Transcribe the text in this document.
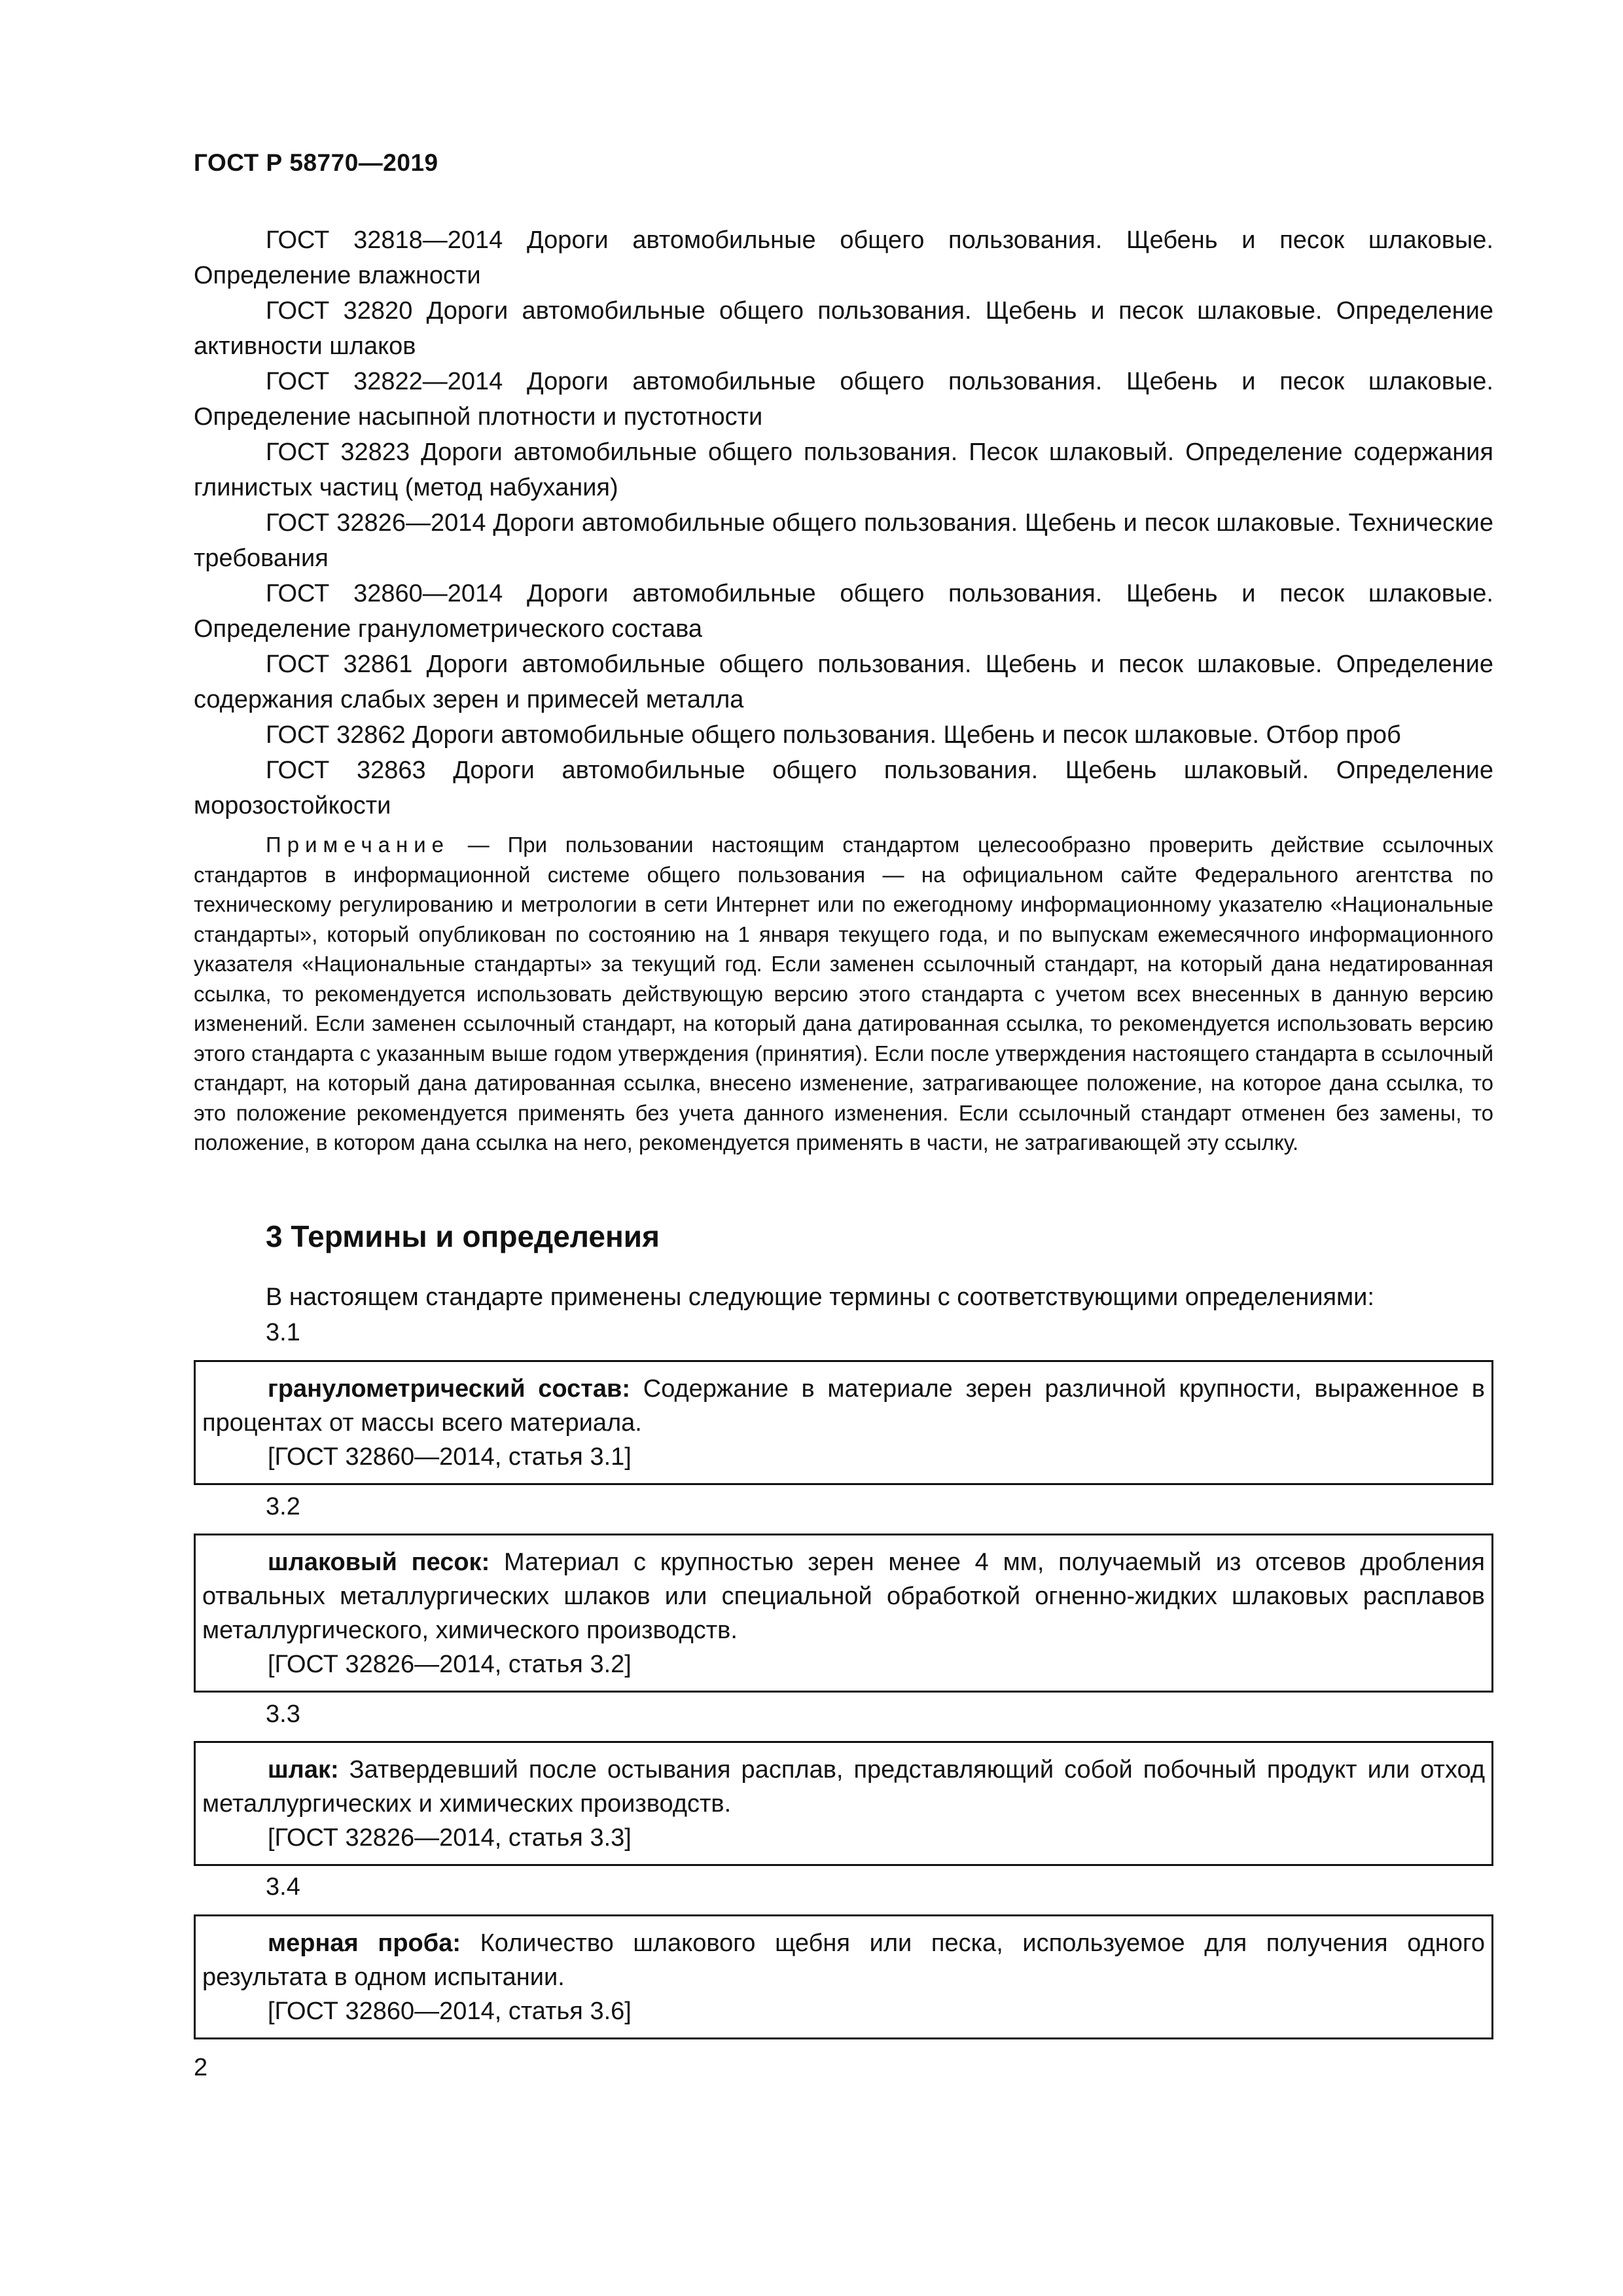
ГОСТ Р 58770—2019

ГОСТ 32818—2014 Дороги автомобильные общего пользования. Щебень и песок шлаковые. Определение влажности

ГОСТ 32820 Дороги автомобильные общего пользования. Щебень и песок шлаковые. Определение активности шлаков

ГОСТ 32822—2014 Дороги автомобильные общего пользования. Щебень и песок шлаковые. Определение насыпной плотности и пустотности

ГОСТ 32823 Дороги автомобильные общего пользования. Песок шлаковый. Определение содержания глинистых частиц (метод набухания)

ГОСТ 32826—2014 Дороги автомобильные общего пользования. Щебень и песок шлаковые. Технические требования

ГОСТ 32860—2014 Дороги автомобильные общего пользования. Щебень и песок шлаковые. Определение гранулометрического состава

ГОСТ 32861 Дороги автомобильные общего пользования. Щебень и песок шлаковые. Определение содержания слабых зерен и примесей металла

ГОСТ 32862 Дороги автомобильные общего пользования. Щебень и песок шлаковые. Отбор проб

ГОСТ 32863 Дороги автомобильные общего пользования. Щебень шлаковый. Определение морозостойкости

Примечание — При пользовании настоящим стандартом целесообразно проверить действие ссылочных стандартов в информационной системе общего пользования — на официальном сайте Федерального агентства по техническому регулированию и метрологии в сети Интернет или по ежегодному информационному указателю «Национальные стандарты», который опубликован по состоянию на 1 января текущего года, и по выпускам ежемесячного информационного указателя «Национальные стандарты» за текущий год. Если заменен ссылочный стандарт, на который дана недатированная ссылка, то рекомендуется использовать действующую версию этого стандарта с учетом всех внесенных в данную версию изменений. Если заменен ссылочный стандарт, на который дана датированная ссылка, то рекомендуется использовать версию этого стандарта с указанным выше годом утверждения (принятия). Если после утверждения настоящего стандарта в ссылочный стандарт, на который дана датированная ссылка, внесено изменение, затрагивающее положение, на которое дана ссылка, то это положение рекомендуется применять без учета данного изменения. Если ссылочный стандарт отменен без замены, то положение, в котором дана ссылка на него, рекомендуется применять в части, не затрагивающей эту ссылку.
3 Термины и определения
В настоящем стандарте применены следующие термины с соответствующими определениями:
3.1

гранулометрический состав: Содержание в материале зерен различной крупности, выраженное в процентах от массы всего материала.

[ГОСТ 32860—2014, статья 3.1]

3.2

шлаковый песок: Материал с крупностью зерен менее 4 мм, получаемый из отсевов дробления отвальных металлургических шлаков или специальной обработкой огненно-жидких шлаковых расплавов металлургического, химического производств.

[ГОСТ 32826—2014, статья 3.2]

3.3

шлак: Затвердевший после остывания расплав, представляющий собой побочный продукт или отход металлургических и химических производств.

[ГОСТ 32826—2014, статья 3.3]

3.4

мерная проба: Количество шлакового щебня или песка, используемое для получения одного результата в одном испытании.

[ГОСТ 32860—2014, статья 3.6]

2
